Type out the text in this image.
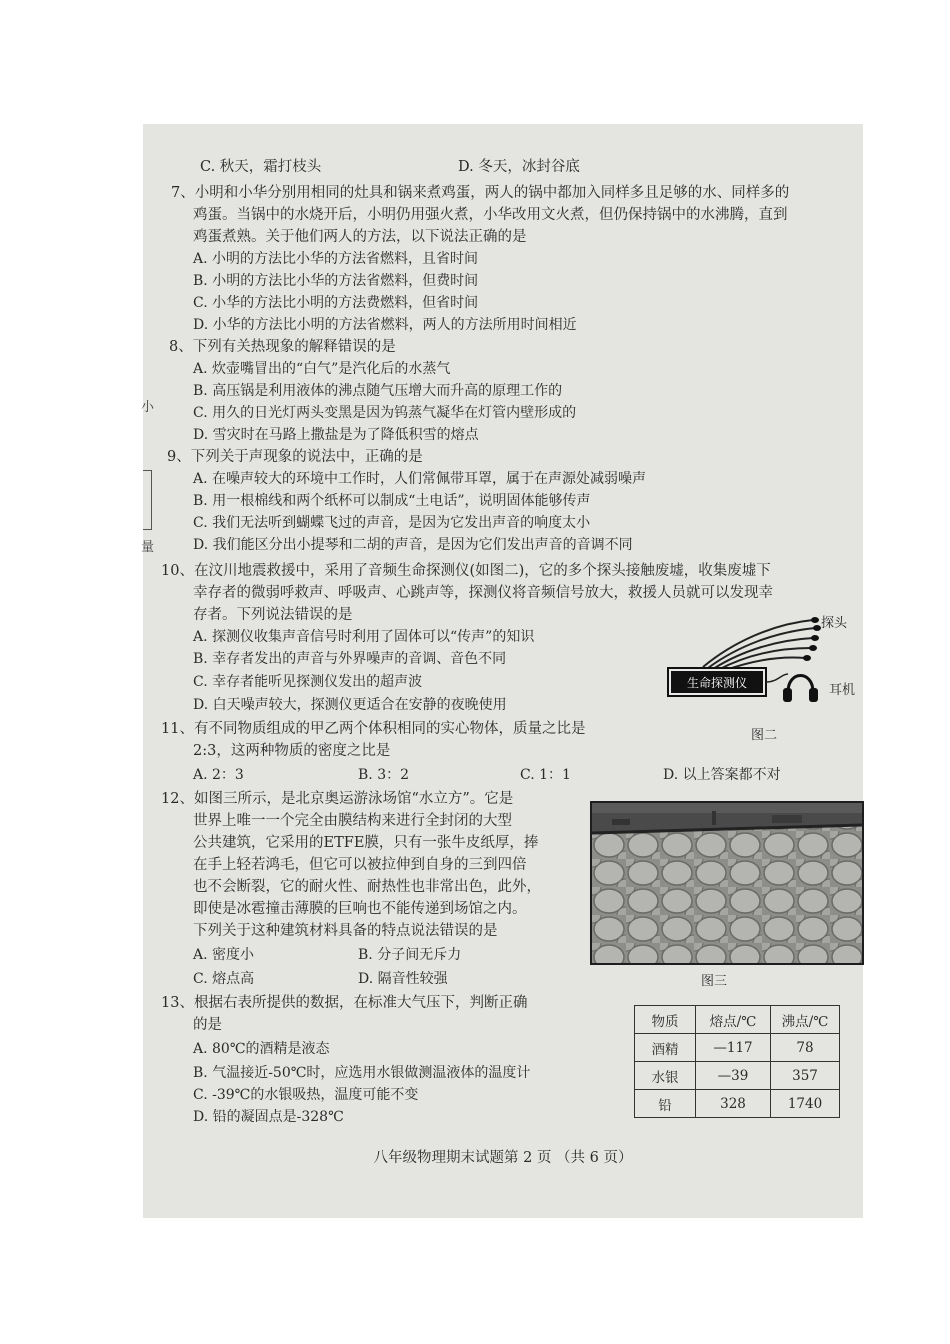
C. 秋天，霜打枝头	D. 冬天，冰封谷底
7、小明和小华分别用相同的灶具和锅来煮鸡蛋，两人的锅中都加入同样多且足够的水、同样多的
鸡蛋。当锅中的水烧开后，小明仍用强火煮，小华改用文火煮，但仍保持锅中的水沸腾，直到
鸡蛋煮熟。关于他们两人的方法，以下说法正确的是
A. 小明的方法比小华的方法省燃料，且省时间
B. 小明的方法比小华的方法省燃料，但费时间
C. 小华的方法比小明的方法费燃料，但省时间
D. 小华的方法比小明的方法省燃料，两人的方法所用时间相近
8、下列有关热现象的解释错误的是
A. 炊壶嘴冒出的“白气”是汽化后的水蒸气
B. 高压锅是利用液体的沸点随气压增大而升高的原理工作的
C. 用久的日光灯两头变黑是因为钨蒸气凝华在灯管内壁形成的
D. 雪灾时在马路上撒盐是为了降低积雪的熔点
9、下列关于声现象的说法中，正确的是
A. 在噪声较大的环境中工作时，人们常佩带耳罩，属于在声源处减弱噪声
B. 用一根棉线和两个纸杯可以制成“土电话”，说明固体能够传声
C. 我们无法听到蝴蝶飞过的声音，是因为它发出声音的响度太小
D. 我们能区分出小提琴和二胡的声音，是因为它们发出声音的音调不同
10、在汶川地震救援中，采用了音频生命探测仪(如图二)，它的多个探头接触废墟，收集废墟下
幸存者的微弱呼救声、呼吸声、心跳声等，探测仪将音频信号放大，救援人员就可以发现幸
存者。下列说法错误的是
A. 探测仪收集声音信号时利用了固体可以“传声”的知识
B. 幸存者发出的声音与外界噪声的音调、音色不同
C. 幸存者能听见探测仪发出的超声波
D. 白天噪声较大，探测仪更适合在安静的夜晚使用
11、有不同物质组成的甲乙两个体积相同的实心物体，质量之比是
2:3，这两种物质的密度之比是
A. 2：3	B. 3：2	C. 1：1	D. 以上答案都不对
12、如图三所示，是北京奥运游泳场馆“水立方”。它是
世界上唯一一个完全由膜结构来进行全封闭的大型
公共建筑，它采用的ETFE膜，只有一张牛皮纸厚，捧
在手上轻若鸿毛，但它可以被拉伸到自身的三到四倍
也不会断裂，它的耐火性、耐热性也非常出色，此外，
即使是冰雹撞击薄膜的巨响也不能传递到场馆之内。
下列关于这种建筑材料具备的特点说法错误的是
A. 密度小	B. 分子间无斥力
C. 熔点高	D. 隔音性较强
13、根据右表所提供的数据，在标准大气压下，判断正确
的是
A. 80℃的酒精是液态
B. 气温接近-50℃时，应选用水银做测温液体的温度计
C. -39℃的水银吸热，温度可能不变
D. 铅的凝固点是-328℃
小
量
生命探测仪
探头
耳机
图二
图三
物质	熔点/℃	沸点/℃
酒精	—117	78
水银	—39	357
铅	328	1740
八年级物理期末试题第 2 页 （共 6 页）
